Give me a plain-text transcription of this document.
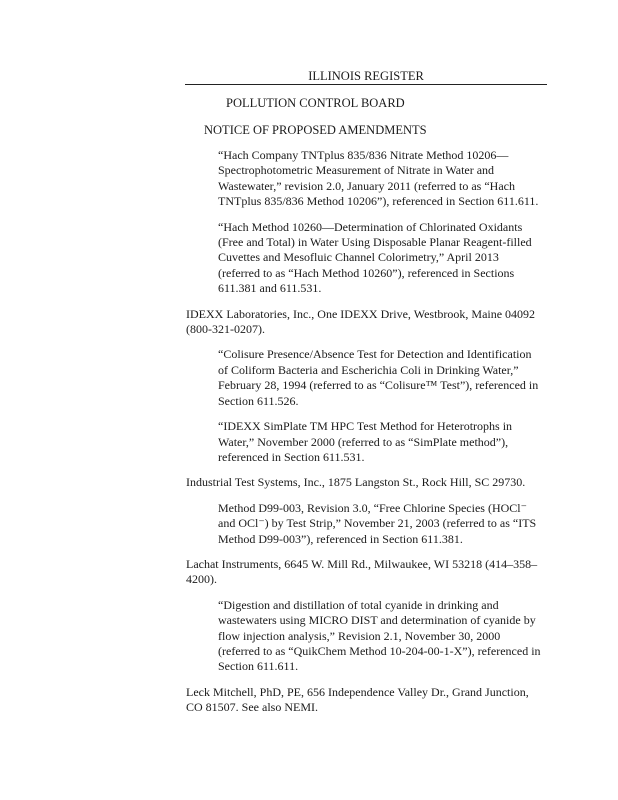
ILLINOIS REGISTER
POLLUTION CONTROL BOARD
NOTICE OF PROPOSED AMENDMENTS

“Hach Company TNTplus 835/836 Nitrate Method 10206—
Spectrophotometric Measurement of Nitrate in Water and
Wastewater,” revision 2.0, January 2011 (referred to as “Hach
TNTplus 835/836 Method 10206”), referenced in Section 611.611.

“Hach Method 10260—Determination of Chlorinated Oxidants
(Free and Total) in Water Using Disposable Planar Reagent-filled
Cuvettes and Mesofluic Channel Colorimetry,” April 2013
(referred to as “Hach Method 10260”), referenced in Sections
611.381 and 611.531.

IDEXX Laboratories, Inc., One IDEXX Drive, Westbrook, Maine 04092
(800-321-0207).

“Colisure Presence/Absence Test for Detection and Identification
of Coliform Bacteria and Escherichia Coli in Drinking Water,”
February 28, 1994 (referred to as “Colisure™ Test”), referenced in
Section 611.526.

“IDEXX SimPlate TM HPC Test Method for Heterotrophs in
Water,” November 2000 (referred to as “SimPlate method”),
referenced in Section 611.531.

Industrial Test Systems, Inc., 1875 Langston St., Rock Hill, SC 29730.

Method D99-003, Revision 3.0, “Free Chlorine Species (HOCl⁻
and OCl⁻) by Test Strip,” November 21, 2003 (referred to as “ITS
Method D99-003”), referenced in Section 611.381.

Lachat Instruments, 6645 W. Mill Rd., Milwaukee, WI 53218 (414–358–
4200).

“Digestion and distillation of total cyanide in drinking and
wastewaters using MICRO DIST and determination of cyanide by
flow injection analysis,” Revision 2.1, November 30, 2000
(referred to as “QuikChem Method 10-204-00-1-X”), referenced in
Section 611.611.

Leck Mitchell, PhD, PE, 656 Independence Valley Dr., Grand Junction,
CO 81507. See also NEMI.
